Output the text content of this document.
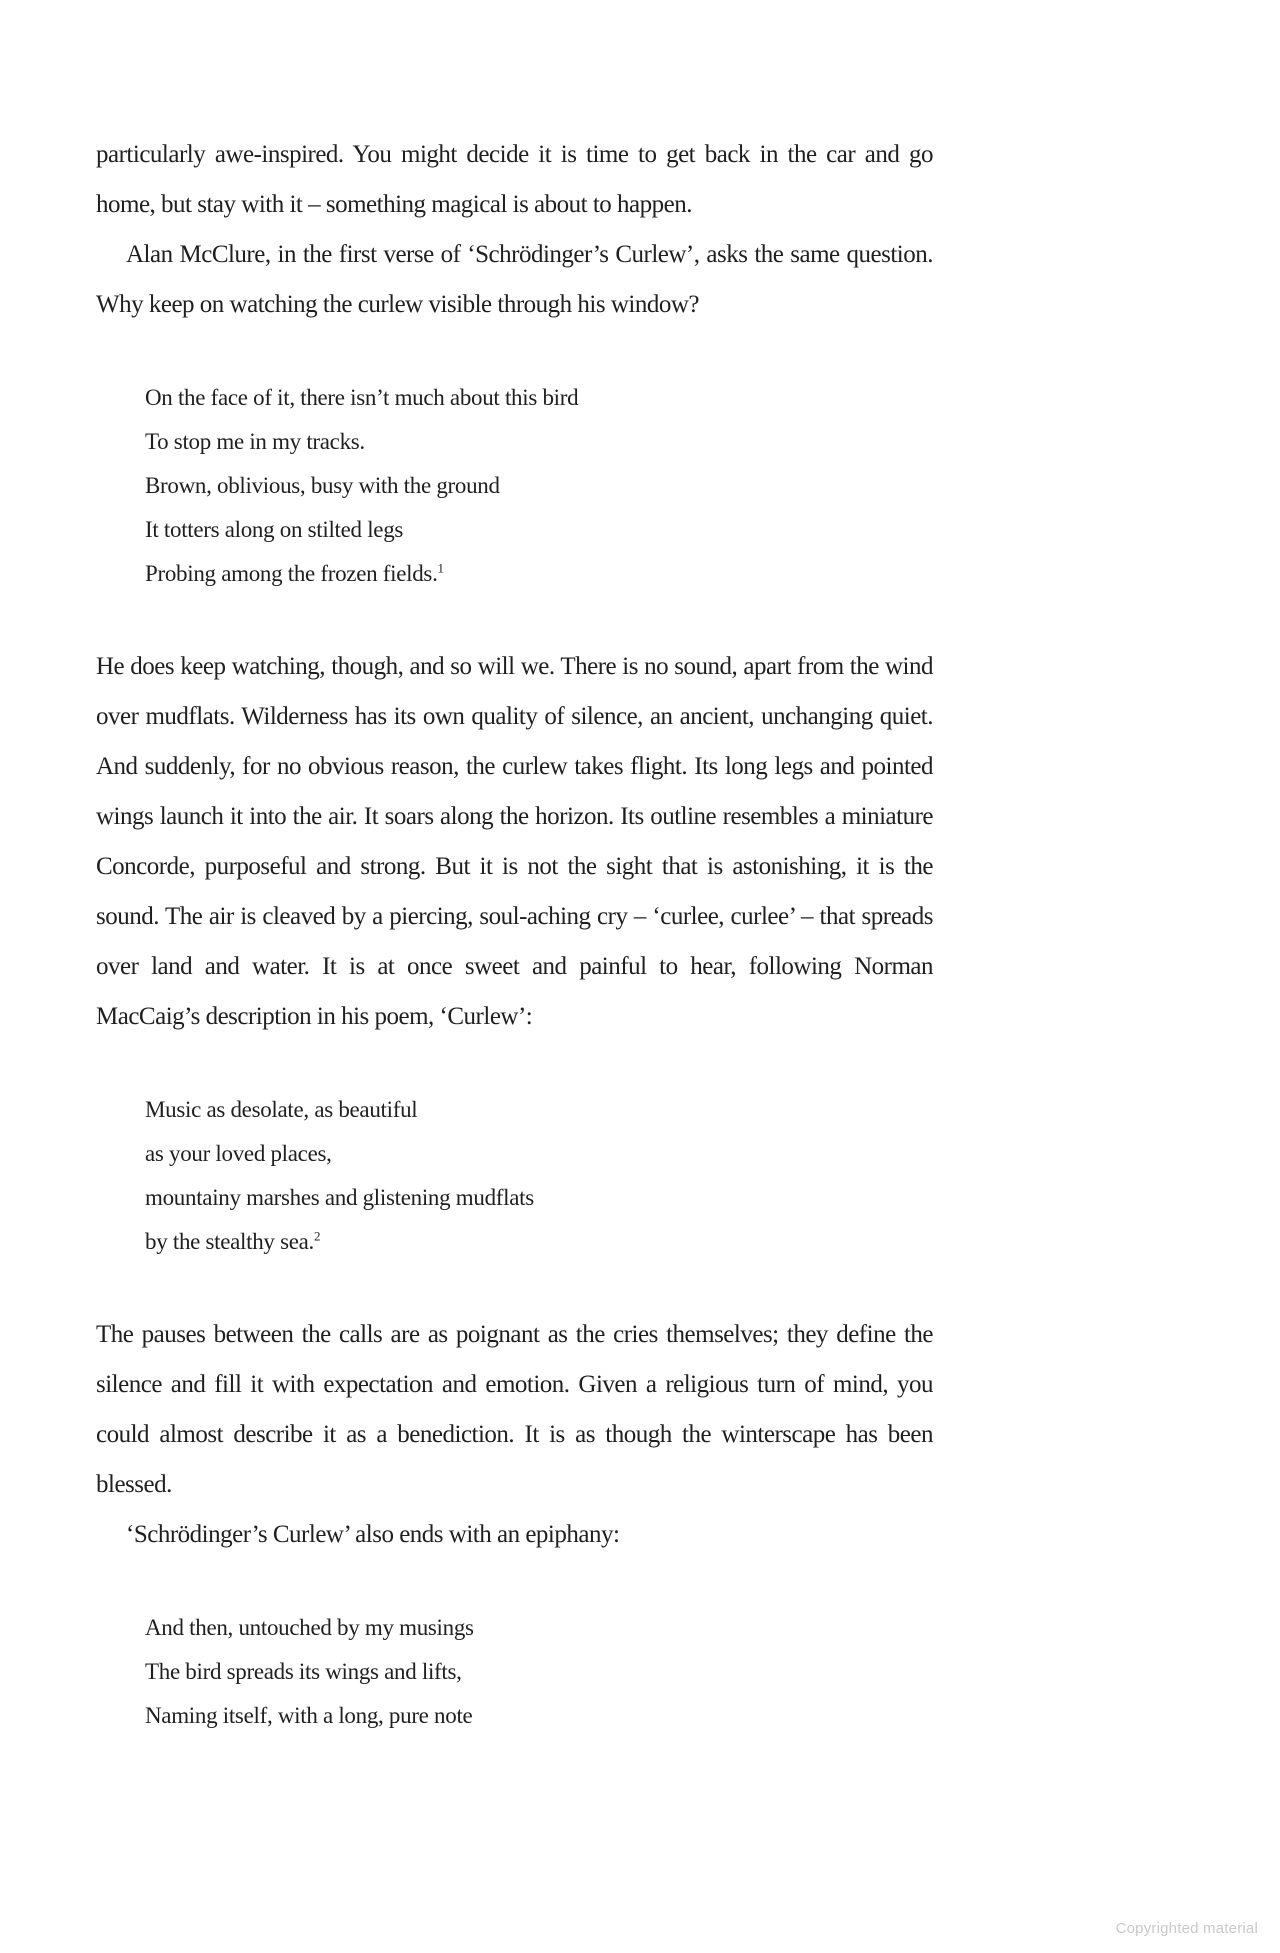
particularly awe-inspired. You might decide it is time to get back in the car and go home, but stay with it – something magical is about to happen.

Alan McClure, in the first verse of ‘Schrödinger’s Curlew’, asks the same question. Why keep on watching the curlew visible through his window?

On the face of it, there isn’t much about this bird
To stop me in my tracks.
Brown, oblivious, busy with the ground
It totters along on stilted legs
Probing among the frozen fields.$^1$

He does keep watching, though, and so will we. There is no sound, apart from the wind over mudflats. Wilderness has its own quality of silence, an ancient, unchanging quiet. And suddenly, for no obvious reason, the curlew takes flight. Its long legs and pointed wings launch it into the air. It soars along the horizon. Its outline resembles a miniature Concorde, purposeful and strong. But it is not the sight that is astonishing, it is the sound. The air is cleaved by a piercing, soul-aching cry – ‘curlee, curlee’ – that spreads over land and water. It is at once sweet and painful to hear, following Norman MacCaig’s description in his poem, ‘Curlew’:

Music as desolate, as beautiful
as your loved places,
mountainy marshes and glistening mudflats
by the stealthy sea.$^2$

The pauses between the calls are as poignant as the cries themselves; they define the silence and fill it with expectation and emotion. Given a religious turn of mind, you could almost describe it as a benediction. It is as though the winterscape has been blessed.

‘Schrödinger’s Curlew’ also ends with an epiphany:

And then, untouched by my musings
The bird spreads its wings and lifts,
Naming itself, with a long, pure note
Copyrighted material
